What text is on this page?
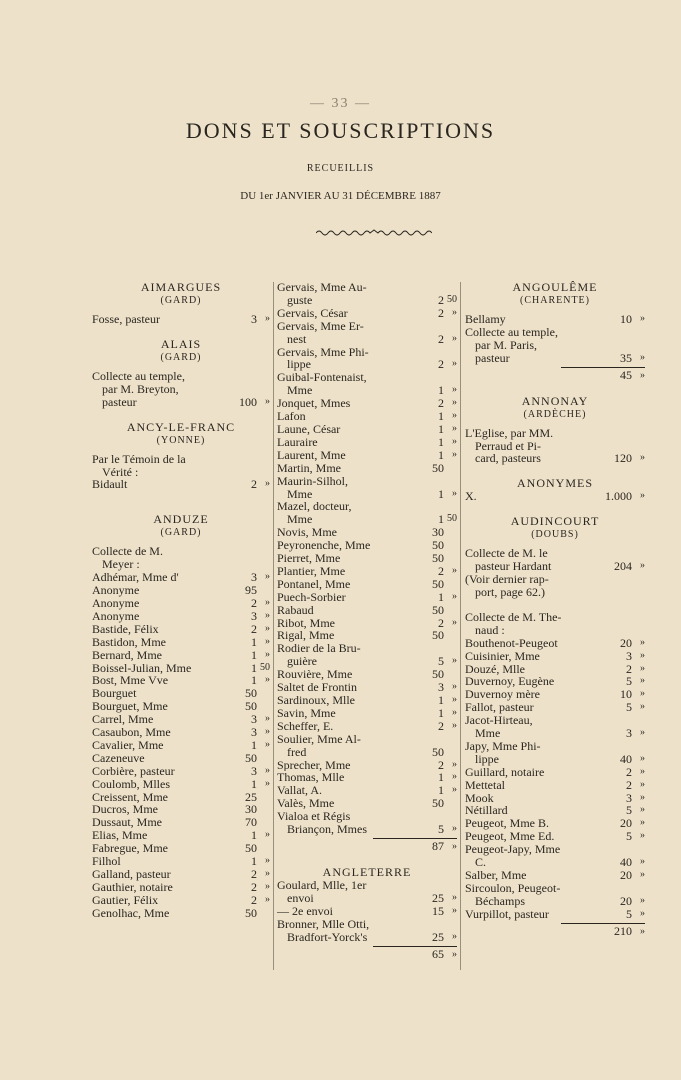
— 33 —
DONS ET SOUSCRIPTIONS
RECUEILLIS
DU 1er JANVIER AU 31 DÉCEMBRE 1887
AIMARGUES
(GARD)
Fosse, pasteur	3 »
ALAIS
(GARD)
Collecte au temple,
par M. Breyton,
pasteur	100 »
ANCY-LE-FRANC
(YONNE)
Par le Témoin de la
Vérité :
Bidault	2 »
ANDUZE
(GARD)
Collecte de M.
Meyer :
Adhémar, Mme d'	3 »
Anonyme	95
Anonyme	2 »
Anonyme	3 »
Bastide, Félix	2 »
Bastidon, Mme	1 »
Bernard, Mme	1 »
Boissel-Julian, Mme	1 50
Bost, Mme Vve	1 »
Bourguet	50
Bourguet, Mme	50
Carrel, Mme	3 »
Casaubon, Mme	3 »
Cavalier, Mme	1 »
Cazeneuve	50
Corbière, pasteur	3 »
Coulomb, Mlles	1 »
Creissent, Mme	25
Ducros, Mme	30
Dussaut, Mme	70
Elias, Mme	1 »
Fabregue, Mme	50
Filhol	1 »
Galland, pasteur	2 »
Gauthier, notaire	2 »
Gautier, Félix	2 »
Genolhac, Mme	50
Gervais, Mme Au-
guste	2 50
Gervais, César	2 »
Gervais, Mme Er-
nest	2 »
Gervais, Mme Phi-
lippe	2 »
Guibal-Fontenaist,
Mme	1 »
Jonquet, Mmes	2 »
Lafon	1 »
Laune, César	1 »
Lauraire	1 »
Laurent, Mme	1 »
Martin, Mme	50
Maurin-Silhol,
Mme	1 »
Mazel, docteur,
Mme	1 50
Novis, Mme	30
Peyronenche, Mme	50
Pierret, Mme	50
Plantier, Mme	2 »
Pontanel, Mme	50
Puech-Sorbier	1 »
Rabaud	50
Ribot, Mme	2 »
Rigal, Mme	50
Rodier de la Bru-
guière	5 »
Rouvière, Mme	50
Saltet de Frontin	3 »
Sardinoux, Mlle	1 »
Savin, Mme	1 »
Scheffer, E.	2 »
Soulier, Mme Al-
fred	50
Sprecher, Mme	2 »
Thomas, Mlle	1 »
Vallat, A.	1 »
Valès, Mme	50
Vialoa et Régis
Briançon, Mmes	5 »
87 »
ANGLETERRE
Goulard, Mlle, 1er
envoi	25 »
— 2e envoi	15 »
Bronner, Mlle Otti,
Bradfort-Yorck's	25 »
65 »
ANGOULÊME
(CHARENTE)
Bellamy	10 »
Collecte au temple,
par M. Paris,
pasteur	35 »
45 »
ANNONAY
(ARDÈCHE)
L'Eglise, par MM.
Perraud et Pi-
card, pasteurs	120 »
ANONYMES
X.	1.000 »
AUDINCOURT
(DOUBS)
Collecte de M. le
pasteur Hardant	204 »
(Voir dernier rap-
port, page 62.)
Collecte de M. The-
naud :
Bouthenot-Peugeot	20 »
Cuisinier, Mme	3 »
Douzé, Mlle	2 »
Duvernoy, Eugène	5 »
Duvernoy mère	10 »
Fallot, pasteur	5 »
Jacot-Hirteau,
Mme	3 »
Japy, Mme Phi-
lippe	40 »
Guillard, notaire	2 »
Mettetal	2 »
Mook	3 »
Nétillard	5 »
Peugeot, Mme B.	20 »
Peugeot, Mme Ed.	5 »
Peugeot-Japy, Mme
C.	40 »
Salber, Mme	20 »
Sircoulon, Peugeot-
Béchamps	20 »
Vurpillot, pasteur	5 »
210 »
